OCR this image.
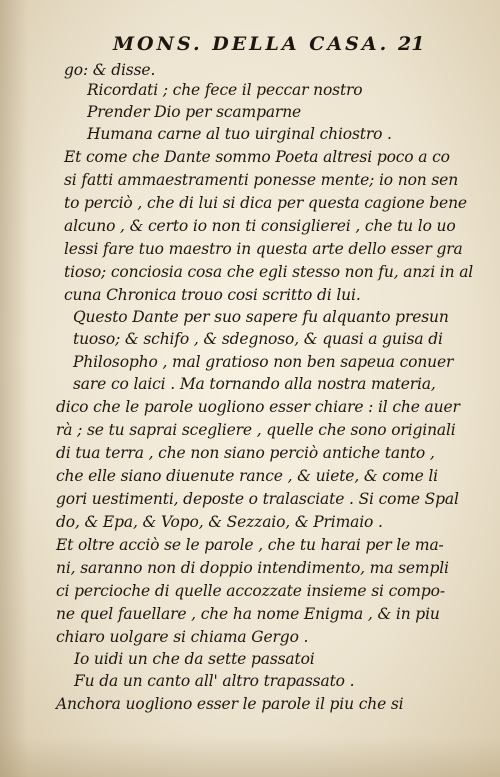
MONS. DELLA CASA. 21
go: & disse.
Ricordati ; che fece il peccar nostro
Prender Dio per scamparne
Humana carne al tuo uirginal chiostro .
Et come che Dante sommo Poeta altresi poco a co
si fatti ammaestramenti ponesse mente; io non sen
to perciò , che di lui si dica per questa cagione bene
alcuno , & certo io non ti consiglierei , che tu lo uo
lessi fare tuo maestro in questa arte dello esser gra
tioso; conciosia cosa che egli stesso non fu, anzi in al
cuna Chronica trouo cosi scritto di lui.
Questo Dante per suo sapere fu alquanto presun
tuoso; & schifo , & sdegnoso, & quasi a guisa di
Philosopho , mal gratioso non ben sapeua conuer
sare co laici . Ma tornando alla nostra materia,
dico che le parole uogliono esser chiare : il che auer
rà ; se tu saprai scegliere , quelle che sono originali
di tua terra , che non siano perciò antiche tanto ,
che elle siano diuenute rance , & uiete, & come li
gori uestimenti, deposte o tralasciate . Si come Spal
do, & Epa, & Vopo, & Sezzaio, & Primaio .
Et oltre acciò se le parole , che tu harai per le ma-
ni, saranno non di doppio intendimento, ma sempli
ci percioche di quelle accozzate insieme si compo-
ne quel fauellare , che ha nome Enigma , & in piu
chiaro uolgare si chiama Gergo .
Io uidi un che da sette passatoi
Fu da un canto all' altro trapassato .
Anchora uogliono esser le parole il piu che si
